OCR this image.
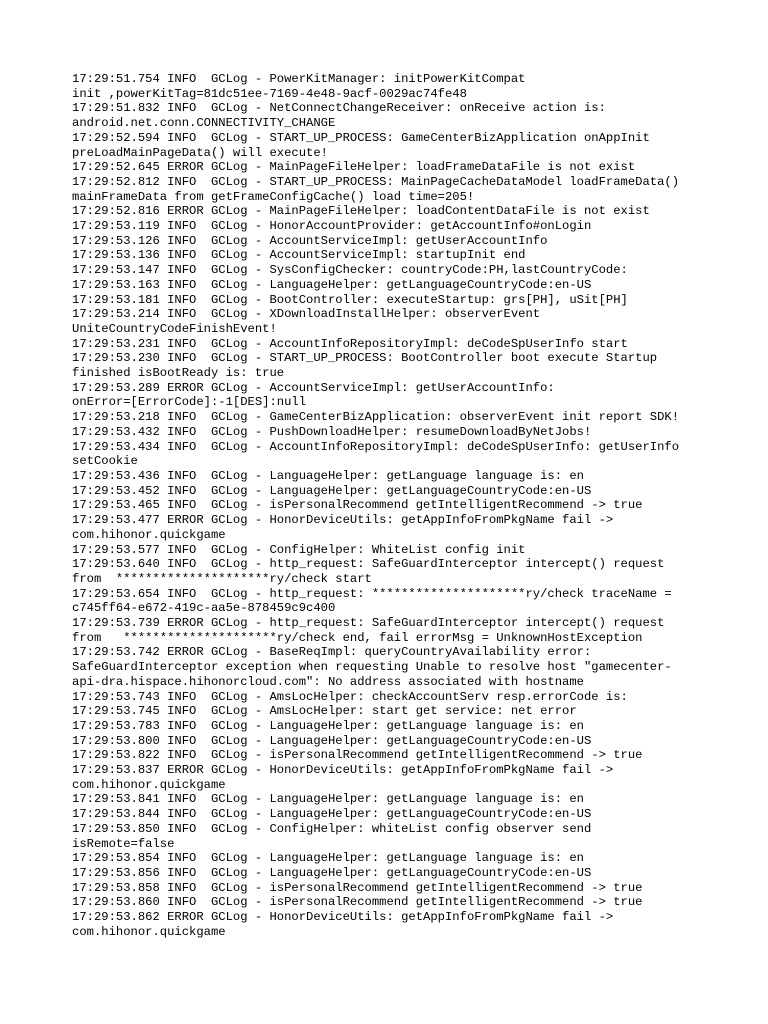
17:29:51.754 INFO  GCLog - PowerKitManager: initPowerKitCompat
init ,powerKitTag=81dc51ee-7169-4e48-9acf-0029ac74fe48
17:29:51.832 INFO  GCLog - NetConnectChangeReceiver: onReceive action is:
android.net.conn.CONNECTIVITY_CHANGE
17:29:52.594 INFO  GCLog - START_UP_PROCESS: GameCenterBizApplication onAppInit
preLoadMainPageData() will execute!
17:29:52.645 ERROR GCLog - MainPageFileHelper: loadFrameDataFile is not exist
17:29:52.812 INFO  GCLog - START_UP_PROCESS: MainPageCacheDataModel loadFrameData()
mainFrameData from getFrameConfigCache() load time=205!
17:29:52.816 ERROR GCLog - MainPageFileHelper: loadContentDataFile is not exist
17:29:53.119 INFO  GCLog - HonorAccountProvider: getAccountInfo#onLogin
17:29:53.126 INFO  GCLog - AccountServiceImpl: getUserAccountInfo
17:29:53.136 INFO  GCLog - AccountServiceImpl: startupInit end
17:29:53.147 INFO  GCLog - SysConfigChecker: countryCode:PH,lastCountryCode:
17:29:53.163 INFO  GCLog - LanguageHelper: getLanguageCountryCode:en-US
17:29:53.181 INFO  GCLog - BootController: executeStartup: grs[PH], uSit[PH]
17:29:53.214 INFO  GCLog - XDownloadInstallHelper: observerEvent
UniteCountryCodeFinishEvent!
17:29:53.231 INFO  GCLog - AccountInfoRepositoryImpl: deCodeSpUserInfo start
17:29:53.230 INFO  GCLog - START_UP_PROCESS: BootController boot execute Startup
finished isBootReady is: true
17:29:53.289 ERROR GCLog - AccountServiceImpl: getUserAccountInfo:
onError=[ErrorCode]:-1[DES]:null
17:29:53.218 INFO  GCLog - GameCenterBizApplication: observerEvent init report SDK!
17:29:53.432 INFO  GCLog - PushDownloadHelper: resumeDownloadByNetJobs!
17:29:53.434 INFO  GCLog - AccountInfoRepositoryImpl: deCodeSpUserInfo: getUserInfo
setCookie
17:29:53.436 INFO  GCLog - LanguageHelper: getLanguage language is: en
17:29:53.452 INFO  GCLog - LanguageHelper: getLanguageCountryCode:en-US
17:29:53.465 INFO  GCLog - isPersonalRecommend getIntelligentRecommend -> true
17:29:53.477 ERROR GCLog - HonorDeviceUtils: getAppInfoFromPkgName fail ->
com.hihonor.quickgame
17:29:53.577 INFO  GCLog - ConfigHelper: WhiteList config init
17:29:53.640 INFO  GCLog - http_request: SafeGuardInterceptor intercept() request
from  *********************ry/check start
17:29:53.654 INFO  GCLog - http_request: *********************ry/check traceName =
c745ff64-e672-419c-aa5e-878459c9c400
17:29:53.739 ERROR GCLog - http_request: SafeGuardInterceptor intercept() request
from   *********************ry/check end, fail errorMsg = UnknownHostException
17:29:53.742 ERROR GCLog - BaseReqImpl: queryCountryAvailability error:
SafeGuardInterceptor exception when requesting Unable to resolve host "gamecenter-
api-dra.hispace.hihonorcloud.com": No address associated with hostname
17:29:53.743 INFO  GCLog - AmsLocHelper: checkAccountServ resp.errorCode is:
17:29:53.745 INFO  GCLog - AmsLocHelper: start get service: net error
17:29:53.783 INFO  GCLog - LanguageHelper: getLanguage language is: en
17:29:53.800 INFO  GCLog - LanguageHelper: getLanguageCountryCode:en-US
17:29:53.822 INFO  GCLog - isPersonalRecommend getIntelligentRecommend -> true
17:29:53.837 ERROR GCLog - HonorDeviceUtils: getAppInfoFromPkgName fail ->
com.hihonor.quickgame
17:29:53.841 INFO  GCLog - LanguageHelper: getLanguage language is: en
17:29:53.844 INFO  GCLog - LanguageHelper: getLanguageCountryCode:en-US
17:29:53.850 INFO  GCLog - ConfigHelper: whiteList config observer send
isRemote=false
17:29:53.854 INFO  GCLog - LanguageHelper: getLanguage language is: en
17:29:53.856 INFO  GCLog - LanguageHelper: getLanguageCountryCode:en-US
17:29:53.858 INFO  GCLog - isPersonalRecommend getIntelligentRecommend -> true
17:29:53.860 INFO  GCLog - isPersonalRecommend getIntelligentRecommend -> true
17:29:53.862 ERROR GCLog - HonorDeviceUtils: getAppInfoFromPkgName fail ->
com.hihonor.quickgame
